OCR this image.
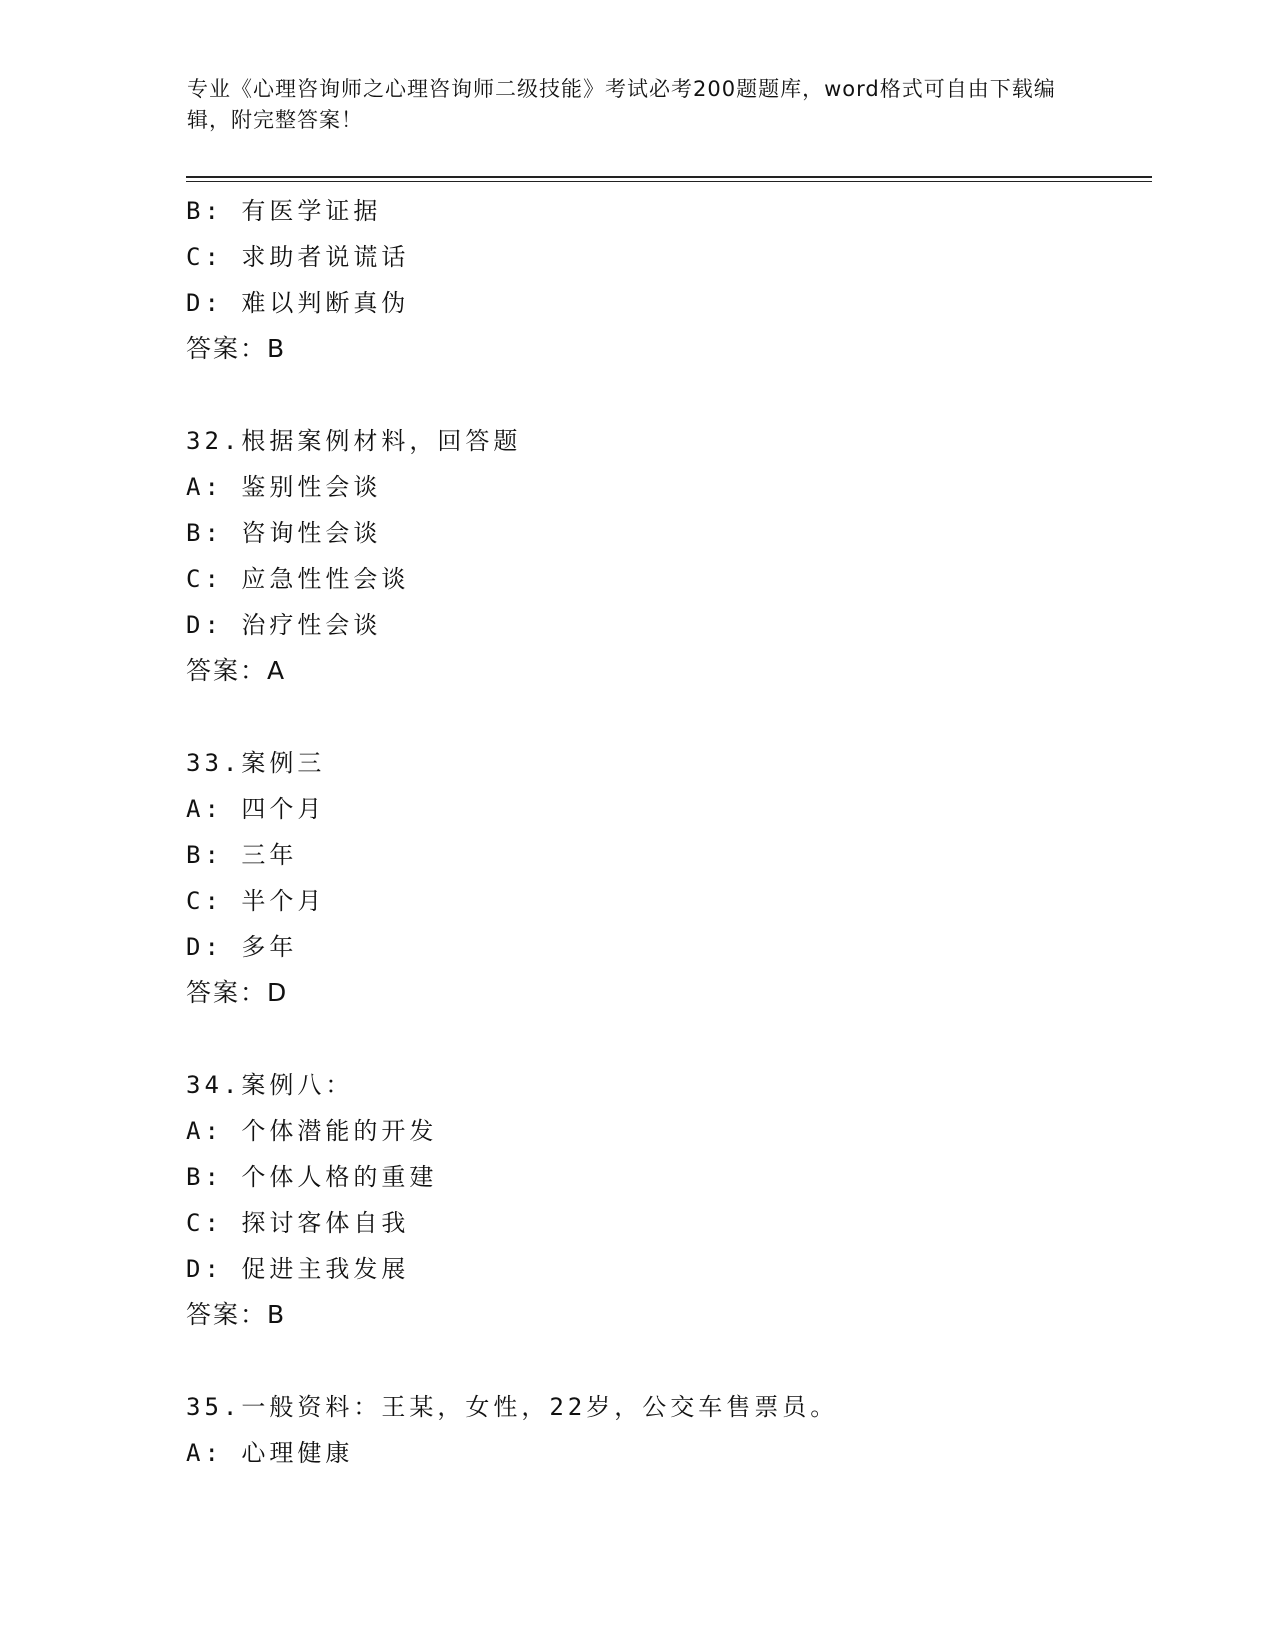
专业《心理咨询师之心理咨询师二级技能》考试必考200题题库，word格式可自由下载编辑，附完整答案！
B: 有医学证据
C: 求助者说谎话
D: 难以判断真伪
答案：B
32.根据案例材料，回答题
A: 鉴别性会谈
B: 咨询性会谈
C: 应急性性会谈
D: 治疗性会谈
答案：A
33.案例三
A: 四个月
B: 三年
C: 半个月
D: 多年
答案：D
34.案例八：
A: 个体潜能的开发
B: 个体人格的重建
C: 探讨客体自我
D: 促进主我发展
答案：B
35.一般资料：王某，女性，22岁，公交车售票员。
A: 心理健康
